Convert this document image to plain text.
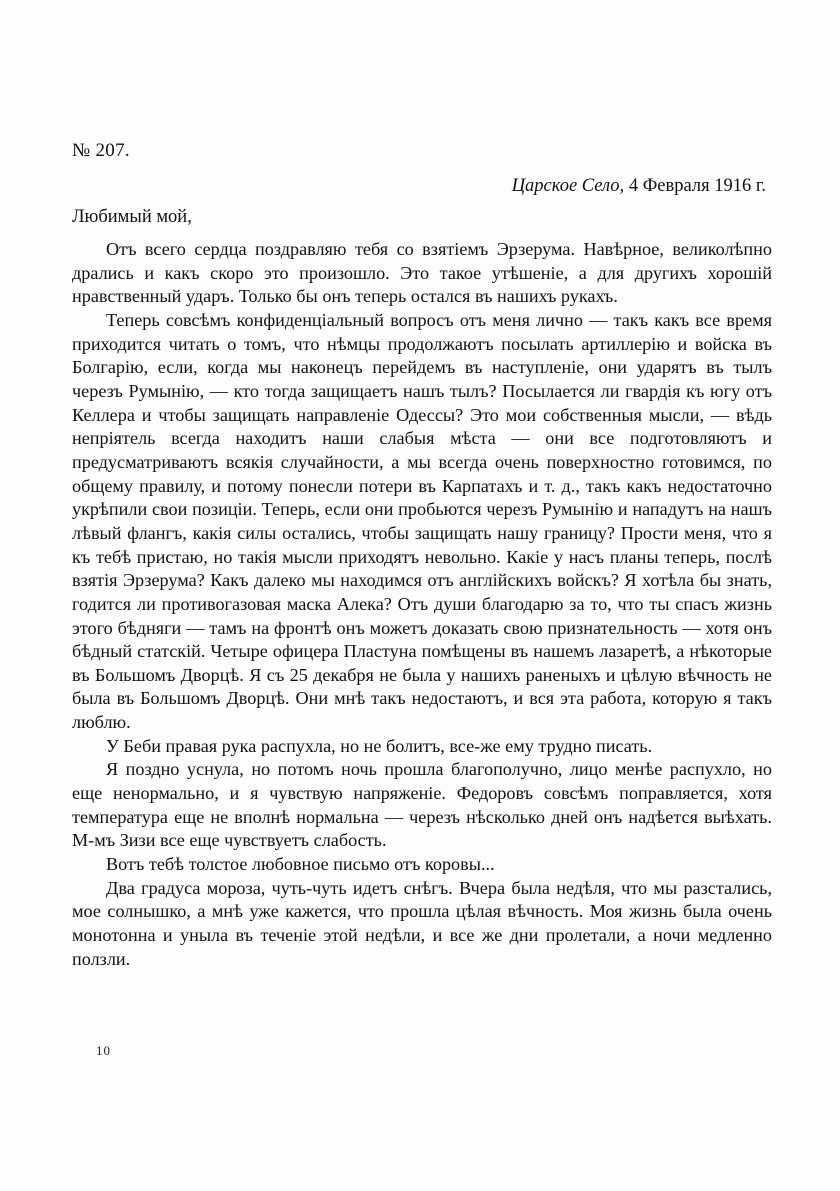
№ 207.
Царское Село, 4 Февраля 1916 г.
Любимый мой,

Отъ всего сердца поздравляю тебя со взятіемъ Эрзерума. Навѣрное, великолѣпно дрались и какъ скоро это произошло. Это такое утѣшеніе, а для другихъ хорошій нравственный ударъ. Только бы онъ теперь остался въ нашихъ рукахъ.

Теперь совсѣмъ конфиденціальный вопросъ отъ меня лично — такъ какъ все время приходится читать о томъ, что нѣмцы продолжаютъ посылать артиллерію и войска въ Болгарію, если, когда мы наконецъ перейдемъ въ наступленіе, они ударятъ въ тылъ черезъ Румынію, — кто тогда защищаетъ нашъ тылъ? Посылается ли гвардія къ югу отъ Келлера и чтобы защищать направленіе Одессы? Это мои собственныя мысли, — вѣдь непріятель всегда находитъ наши слабыя мѣста — они все подготовляютъ и предусматриваютъ всякія случайности, а мы всегда очень поверхностно готовимся, по общему правилу, и потому понесли потери въ Карпатахъ и т. д., такъ какъ недостаточно укрѣпили свои позиціи. Теперь, если они пробьются черезъ Румынію и нападутъ на нашъ лѣвый флангъ, какія силы остались, чтобы защищать нашу границу? Прости меня, что я къ тебѣ пристаю, но такія мысли приходятъ невольно. Какіе у насъ планы теперь, послѣ взятія Эрзерума? Какъ далеко мы находимся отъ англійскихъ войскъ? Я хотѣла бы знать, годится ли противогазовая маска Алека? Отъ души благодарю за то, что ты спасъ жизнь этого бѣдняги — тамъ на фронтѣ онъ можетъ доказать свою признательность — хотя онъ бѣдный статскій. Четыре офицера Пластуна помѣщены въ нашемъ лазаретѣ, а нѣкоторые въ Большомъ Дворцѣ. Я съ 25 декабря не была у нашихъ раненыхъ и цѣлую вѣчность не была въ Большомъ Дворцѣ. Они мнѣ такъ недостаютъ, и вся эта работа, которую я такъ люблю.

У Беби правая рука распухла, но не болитъ, все-же ему трудно писать.

Я поздно уснула, но потомъ ночь прошла благополучно, лицо менѣе распухло, но еще ненормально, и я чувствую напряженіе. Федоровъ совсѣмъ поправляется, хотя температура еще не вполнѣ нормальна — черезъ нѣсколько дней онъ надѣется выѣхать. М-мъ Зизи все еще чувствуетъ слабость.

Вотъ тебѣ толстое любовное письмо отъ коровы...

Два градуса мороза, чуть-чуть идетъ снѣгъ. Вчера была недѣля, что мы разстались, мое солнышко, а мнѣ уже кажется, что прошла цѣлая вѣчность. Моя жизнь была очень монотонна и уныла въ теченіе этой недѣли, и все же дни пролетали, а ночи медленно ползли.

10
